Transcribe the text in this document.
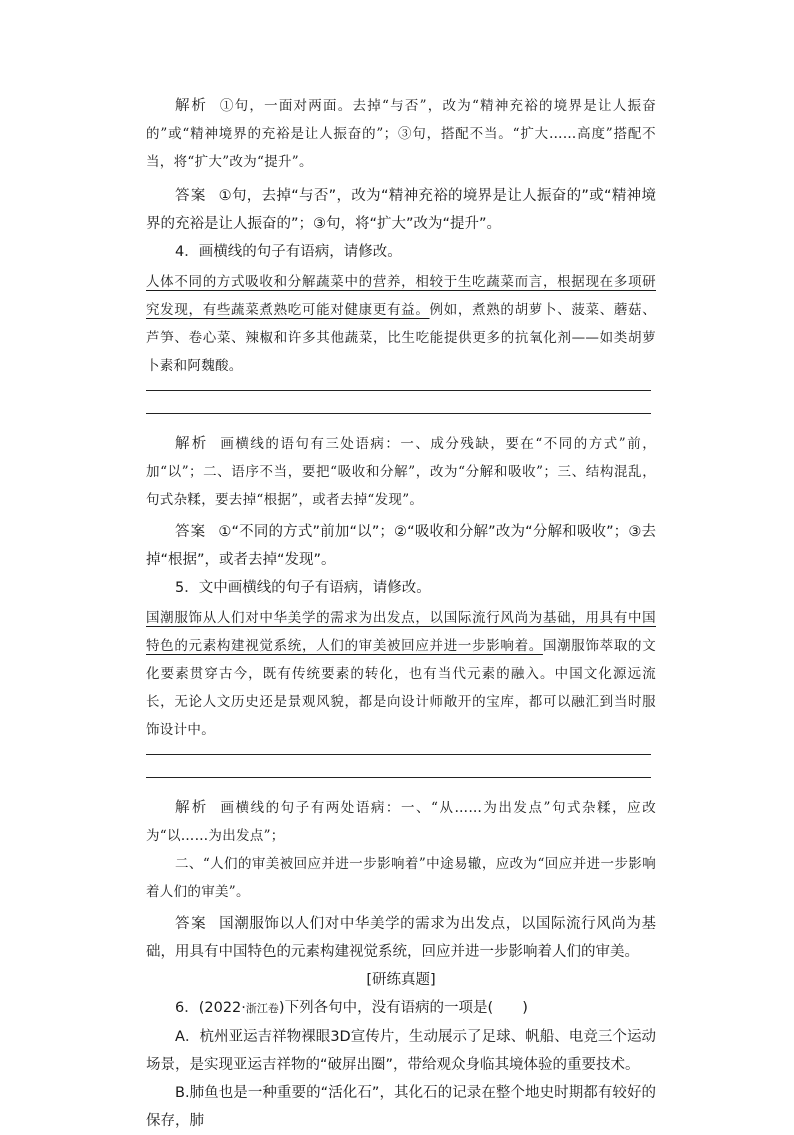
解析 ①句，一面对两面。去掉“与否”，改为“精神充裕的境界是让人振奋的”或“精神境界的充裕是让人振奋的”；③句，搭配不当。“扩大……高度”搭配不当，将“扩大”改为“提升”。

答案 ①句，去掉“与否”，改为“精神充裕的境界是让人振奋的”或“精神境界的充裕是让人振奋的”；③句，将“扩大”改为“提升”。

4．画横线的句子有语病，请修改。

人体不同的方式吸收和分解蔬菜中的营养，相较于生吃蔬菜而言，根据现在多项研究发现，有些蔬菜煮熟吃可能对健康更有益。例如，煮熟的胡萝卜、菠菜、蘑菇、芦笋、卷心菜、辣椒和许多其他蔬菜，比生吃能提供更多的抗氧化剂——如类胡萝卜素和阿魏酸。

解析 画横线的语句有三处语病：一、成分残缺，要在“不同的方式”前，加“以”；二、语序不当，要把“吸收和分解”，改为“分解和吸收”；三、结构混乱，句式杂糅，要去掉“根据”，或者去掉“发现”。

答案 ①“不同的方式”前加“以”；②“吸收和分解”改为“分解和吸收”；③去掉“根据”，或者去掉“发现”。

5．文中画横线的句子有语病，请修改。

国潮服饰从人们对中华美学的需求为出发点，以国际流行风尚为基础，用具有中国特色的元素构建视觉系统，人们的审美被回应并进一步影响着。国潮服饰萃取的文化要素贯穿古今，既有传统要素的转化，也有当代元素的融入。中国文化源远流长，无论人文历史还是景观风貌，都是向设计师敞开的宝库，都可以融汇到当时服饰设计中。

解析 画横线的句子有两处语病：一、“从……为出发点”句式杂糅，应改为“以……为出发点”；

二、“人们的审美被回应并进一步影响着”中途易辙，应改为“回应并进一步影响着人们的审美”。

答案 国潮服饰以人们对中华美学的需求为出发点，以国际流行风尚为基础，用具有中国特色的元素构建视觉系统，回应并进一步影响着人们的审美。

[研练真题]

6．(2022·浙江卷)下列各句中，没有语病的一项是(　　)

A．杭州亚运吉祥物裸眼3D宣传片，生动展示了足球、帆船、电竞三个运动场景，是实现亚运吉祥物的“破屏出圈”，带给观众身临其境体验的重要技术。

B.肺鱼也是一种重要的“活化石”，其化石的记录在整个地史时期都有较好的保存，肺
